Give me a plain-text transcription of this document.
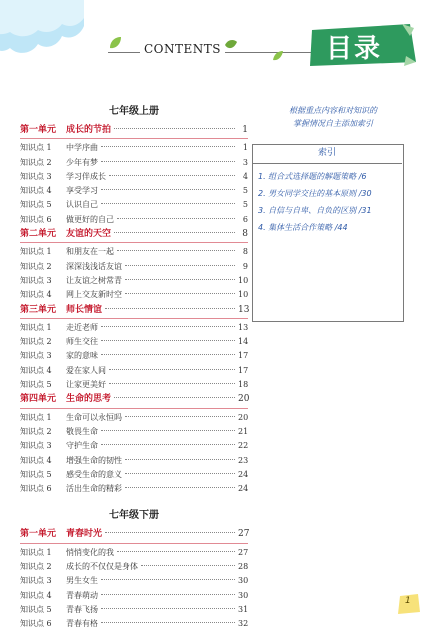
CONTENTS	目录
七年级上册
第一单元	成长的节拍	1
知识点 1	中学序曲	1
知识点 2	少年有梦	3
知识点 3	学习伴成长	4
知识点 4	享受学习	5
知识点 5	认识自己	5
知识点 6	做更好的自己	6
第二单元	友谊的天空	8
知识点 1	和朋友在一起	8
知识点 2	深深浅浅话友谊	9
知识点 3	让友谊之树常青	10
知识点 4	网上交友新时空	10
第三单元	师长情谊	13
知识点 1	走近老师	13
知识点 2	师生交往	14
知识点 3	家的意味	17
知识点 4	爱在家人间	17
知识点 5	让家更美好	18
第四单元	生命的思考	20
知识点 1	生命可以永恒吗	20
知识点 2	敬畏生命	21
知识点 3	守护生命	22
知识点 4	增强生命的韧性	23
知识点 5	感受生命的意义	24
知识点 6	活出生命的精彩	24
七年级下册
第一单元	青春时光	27
知识点 1	悄悄变化的我	27
知识点 2	成长的不仅仅是身体	28
知识点 3	男生女生	30
知识点 4	青春萌动	30
知识点 5	青春飞扬	31
知识点 6	青春有格	32
根据重点内容和对知识的
掌握情况自主添加索引
索引
1. 组合式选择题的解题策略 /6
2. 男女同学交往的基本原则 /30
3. 自信与自卑、自负的区别 /31
4. 集体生活合作策略 /44
1
